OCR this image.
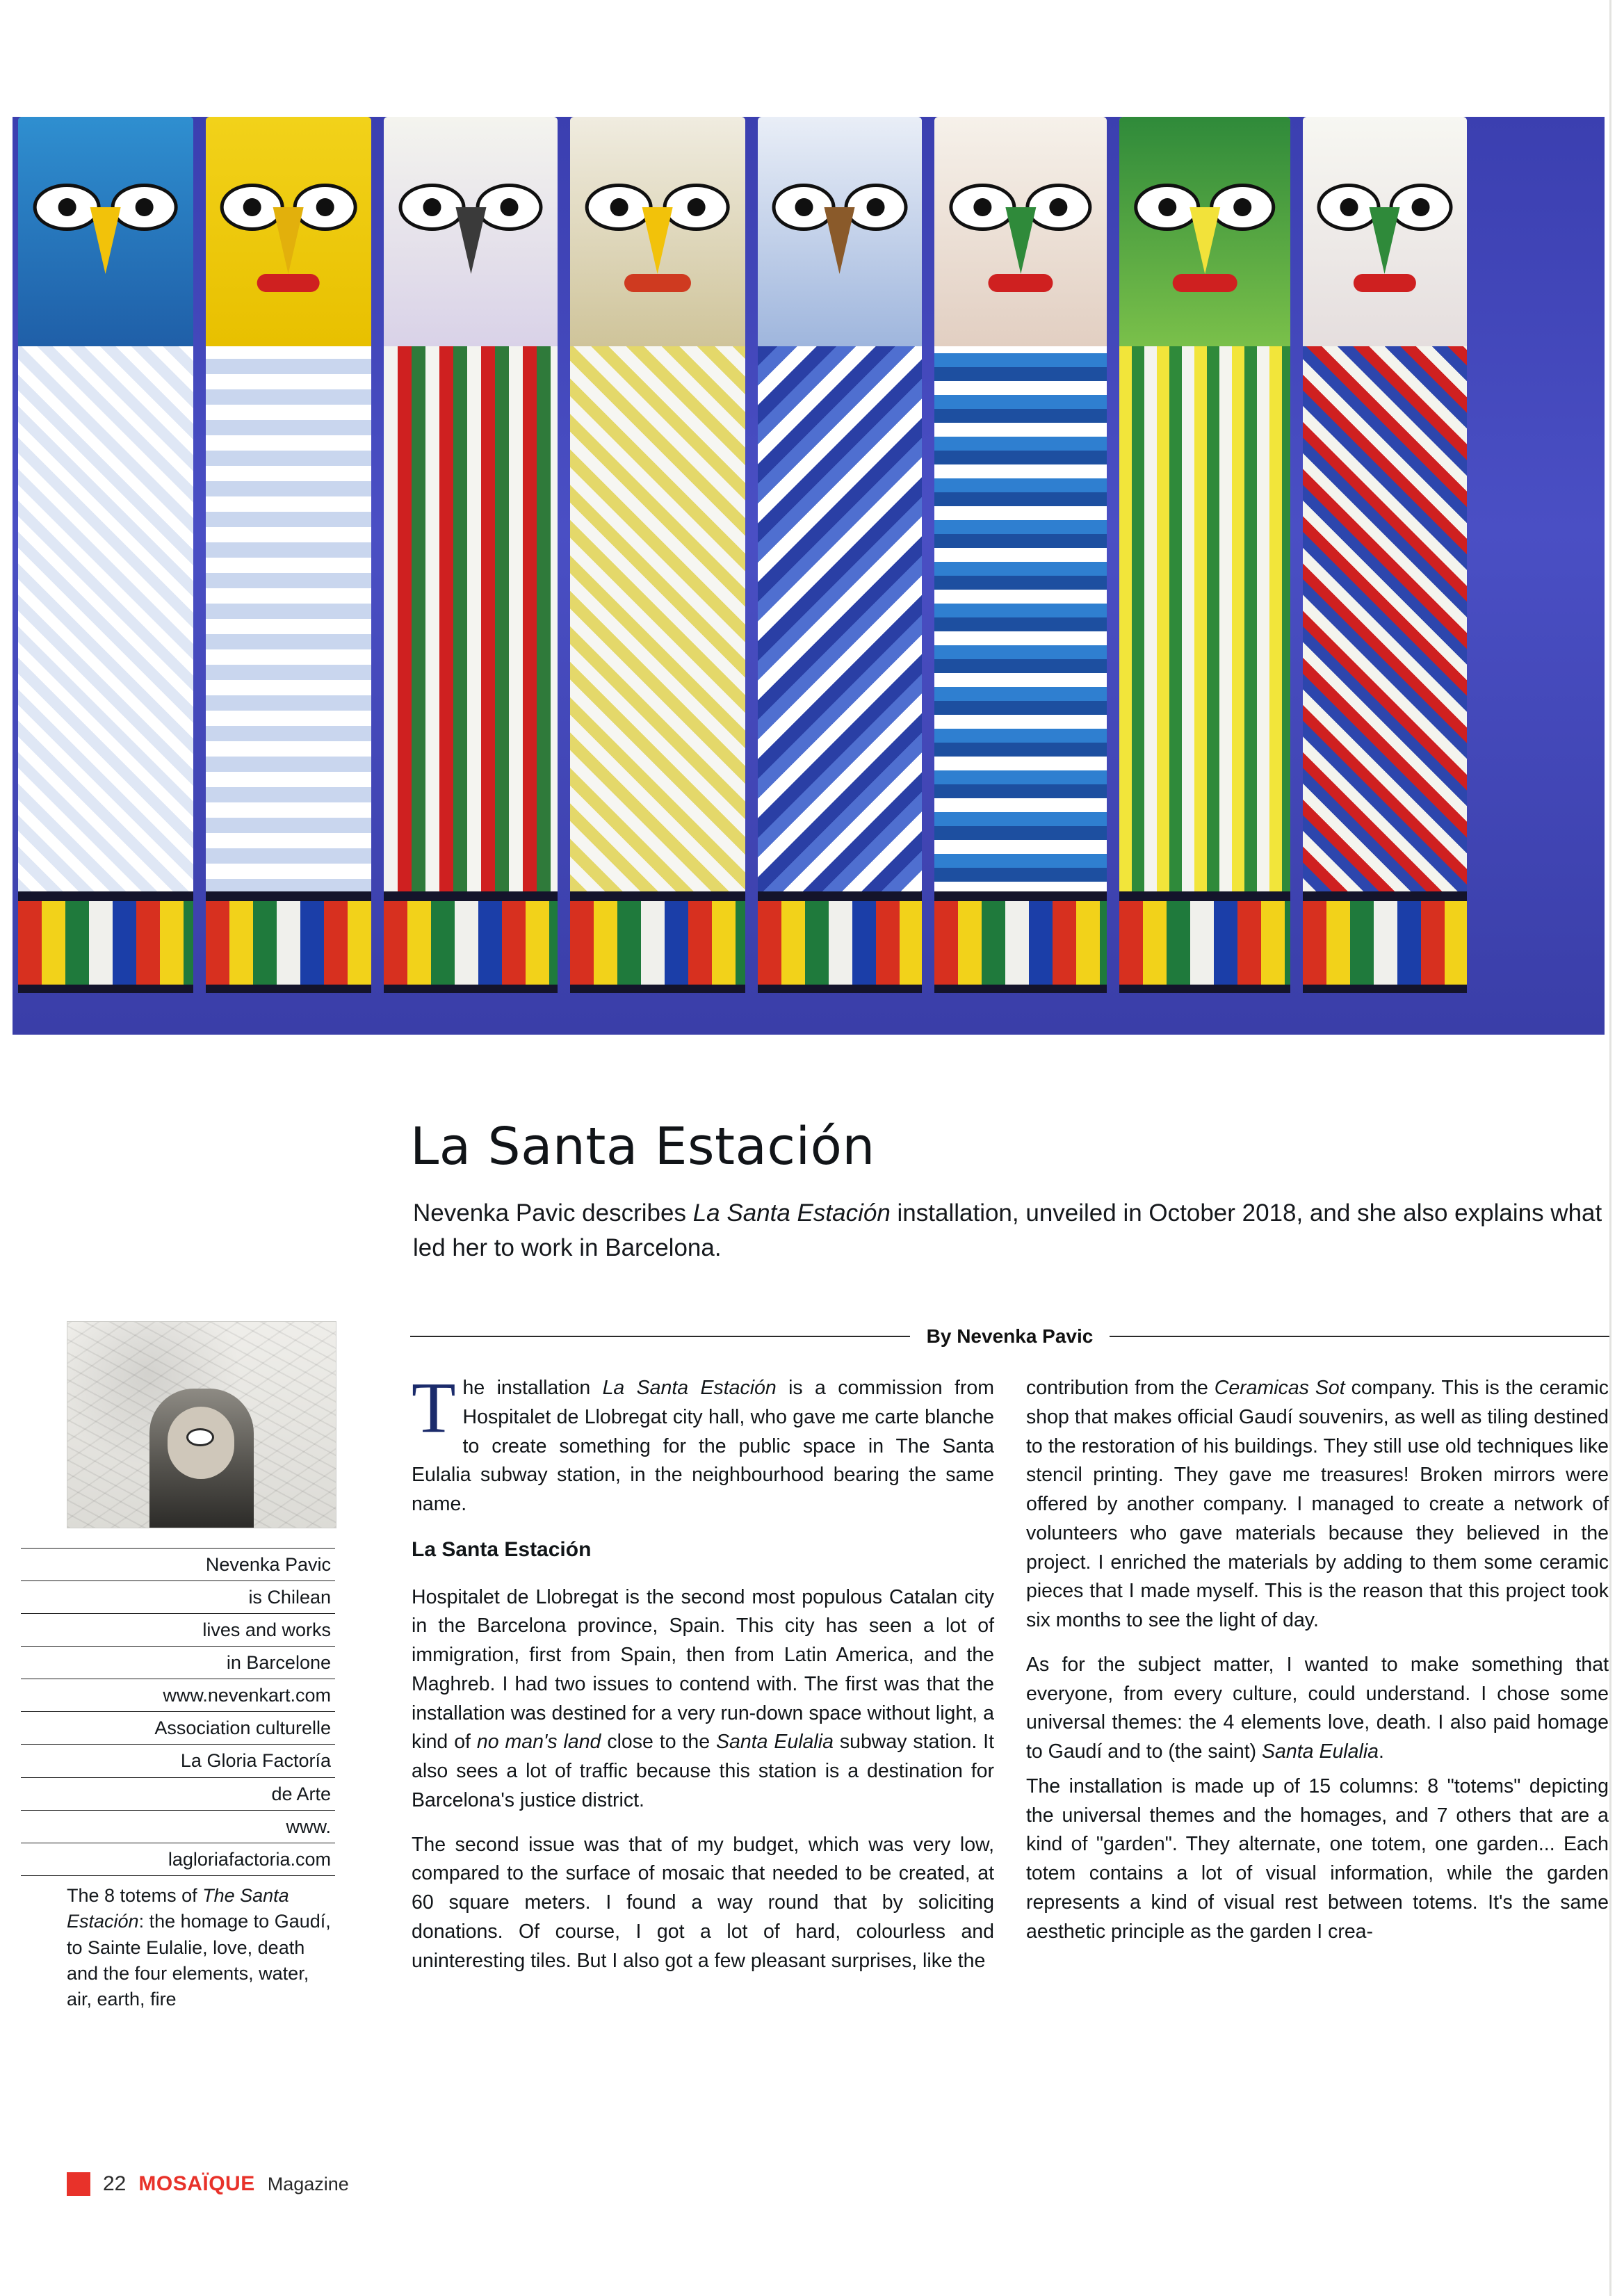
La Santa Estación
Nevenka Pavic describes La Santa Estación installation, unveiled in October 2018, and she also explains what led her to work in Barcelona.
By Nevenka Pavic

The installation La Santa Estación is a commission from Hospitalet de Llobregat city hall, who gave me carte blanche to create something for the public space in The Santa Eulalia subway station, in the neighbourhood bearing the same name.

La Santa Estación

Hospitalet de Llobregat is the second most populous Catalan city in the Barcelona province, Spain. This city has seen a lot of immigration, first from Spain, then from Latin America, and the Maghreb. I had two issues to contend with. The first was that the installation was destined for a very run-down space without light, a kind of no man's land close to the Santa Eulalia subway station. It also sees a lot of traffic because this station is a destination for Barcelona's justice district.

The second issue was that of my budget, which was very low, compared to the surface of mosaic that needed to be created, at 60 square meters. I found a way round that by soliciting donations. Of course, I got a lot of hard, colourless and uninteresting tiles. But I also got a few pleasant surprises, like the

contribution from the Ceramicas Sot company. This is the ceramic shop that makes official Gaudí souvenirs, as well as tiling destined to the restoration of his buildings. They still use old techniques like stencil printing. They gave me treasures! Broken mirrors were offered by another company. I managed to create a network of volunteers who gave materials because they believed in the project. I enriched the materials by adding to them some ceramic pieces that I made myself. This is the reason that this project took six months to see the light of day.

As for the subject matter, I wanted to make something that everyone, from every culture, could understand. I chose some universal themes: the 4 elements love, death. I also paid homage to Gaudí and to (the saint) Santa Eulalia.

The installation is made up of 15 columns: 8 "totems" depicting the universal themes and the homages, and 7 others that are a kind of "garden". They alternate, one totem, one garden... Each totem contains a lot of visual information, while the garden represents a kind of visual rest between totems. It's the same aesthetic principle as the garden I crea-

Nevenka Pavic
is Chilean
lives and works
in Barcelone
www.nevenkart.com
Association culturelle
La Gloria Factoría
de Arte
www.
lagloriafactoria.com
The 8 totems of The Santa Estación: the homage to Gaudí, to Sainte Eulalie, love, death and the four elements, water, air, earth, fire
22 MOSAÏQUE Magazine
